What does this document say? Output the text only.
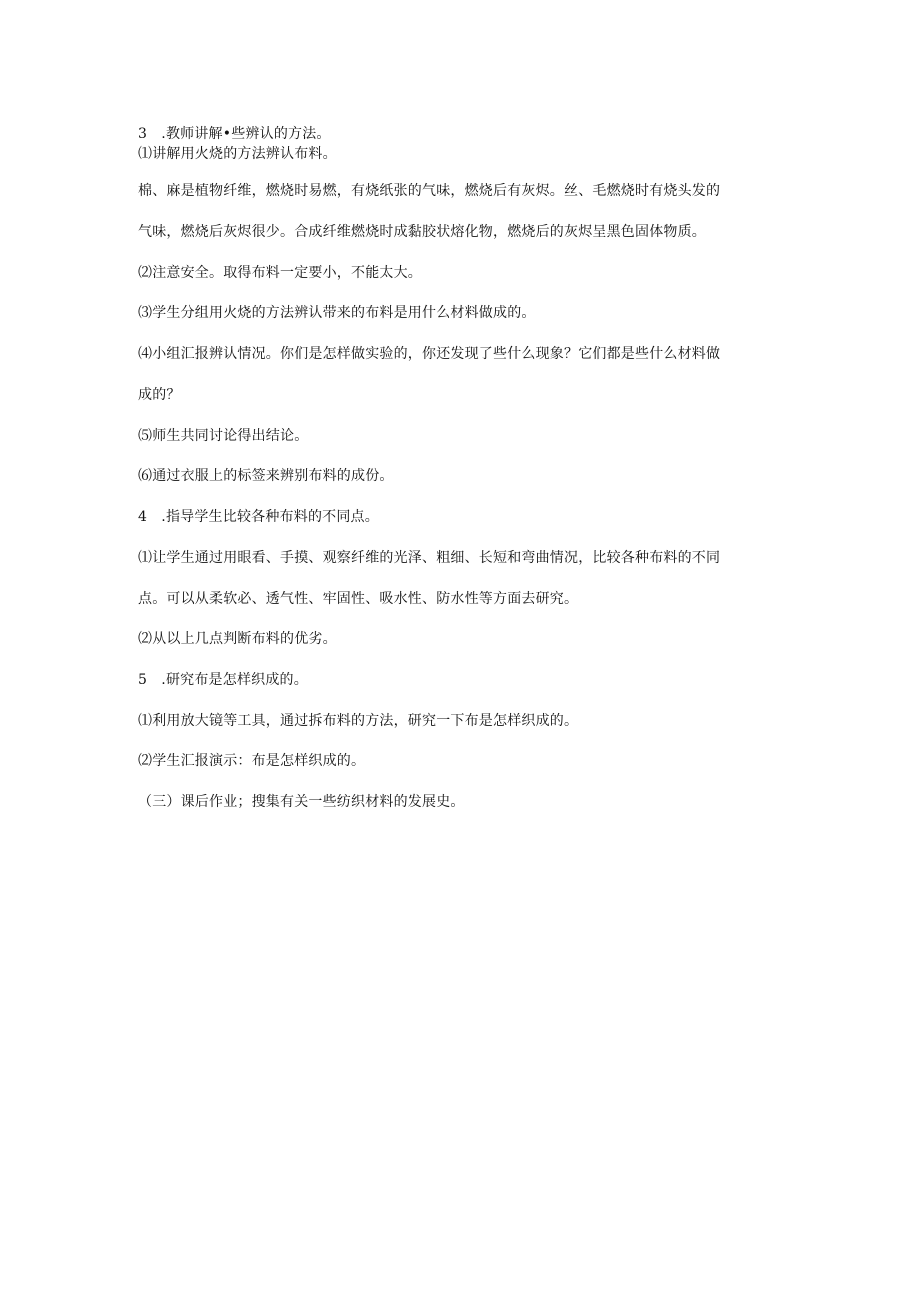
3　.教师讲解•些辨认的方法。
⑴讲解用火烧的方法辨认布料。
棉、麻是植物纤维，燃烧时易燃，有烧纸张的气味，燃烧后有灰烬。丝、毛燃烧时有烧头发的
气味，燃烧后灰烬很少。合成纤维燃烧时成黏胶状熔化物，燃烧后的灰烬呈黑色固体物质。
⑵注意安全。取得布料一定要小，不能太大。
⑶学生分组用火烧的方法辨认带来的布料是用什么材料做成的。
⑷小组汇报辨认情况。你们是怎样做实验的，你还发现了些什么现象？它们都是些什么材料做
成的？
⑸师生共同讨论得出结论。
⑹通过衣服上的标签来辨别布料的成份。
4　.指导学生比较各种布料的不同点。
⑴让学生通过用眼看、手摸、观察纤维的光泽、粗细、长短和弯曲情况，比较各种布料的不同
点。可以从柔软必、透气性、牢固性、吸水性、防水性等方面去研究。
⑵从以上几点判断布料的优劣。
5　.研究布是怎样织成的。
⑴利用放大镜等工具，通过拆布料的方法，研究一下布是怎样织成的。
⑵学生汇报演示：布是怎样织成的。
（三）课后作业；搜集有关一些纺织材料的发展史。
